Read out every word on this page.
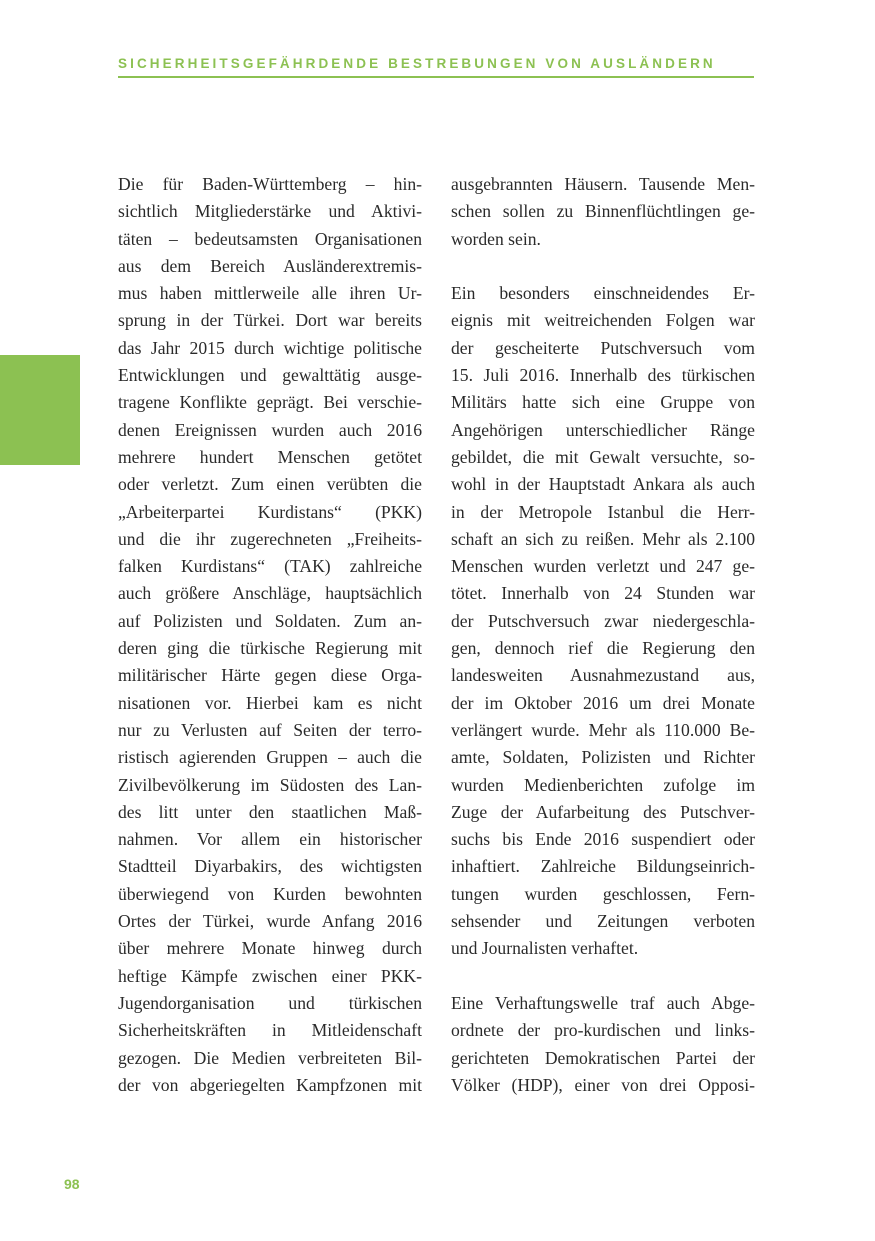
SICHERHEITSGEFÄHRDENDE BESTREBUNGEN VON AUSLÄNDERN
Die für Baden-Württemberg – hin-
sichtlich Mitgliederstärke und Aktivi-
täten – bedeutsamsten Organisationen
aus dem Bereich Ausländerextremis-
mus haben mittlerweile alle ihren Ur-
sprung in der Türkei. Dort war bereits
das Jahr 2015 durch wichtige politische
Entwicklungen und gewalttätig ausge-
tragene Konflikte geprägt. Bei verschie-
denen Ereignissen wurden auch 2016
mehrere hundert Menschen getötet
oder verletzt. Zum einen verübten die
„Arbeiterpartei Kurdistans“ (PKK)
und die ihr zugerechneten „Freiheits-
falken Kurdistans“ (TAK) zahlreiche
auch größere Anschläge, hauptsächlich
auf Polizisten und Soldaten. Zum an-
deren ging die türkische Regierung mit
militärischer Härte gegen diese Orga-
nisationen vor. Hierbei kam es nicht
nur zu Verlusten auf Seiten der terro-
ristisch agierenden Gruppen – auch die
Zivilbevölkerung im Südosten des Lan-
des litt unter den staatlichen Maß-
nahmen. Vor allem ein historischer
Stadtteil Diyarbakirs, des wichtigsten
überwiegend von Kurden bewohnten
Ortes der Türkei, wurde Anfang 2016
über mehrere Monate hinweg durch
heftige Kämpfe zwischen einer PKK-
Jugendorganisation und türkischen
Sicherheitskräften in Mitleidenschaft
gezogen. Die Medien verbreiteten Bil-
der von abgeriegelten Kampfzonen mit
ausgebrannten Häusern. Tausende Men-
schen sollen zu Binnenflüchtlingen ge-
worden sein.
Ein besonders einschneidendes Er-
eignis mit weitreichenden Folgen war
der gescheiterte Putschversuch vom
15. Juli 2016. Innerhalb des türkischen
Militärs hatte sich eine Gruppe von
Angehörigen unterschiedlicher Ränge
gebildet, die mit Gewalt versuchte, so-
wohl in der Hauptstadt Ankara als auch
in der Metropole Istanbul die Herr-
schaft an sich zu reißen. Mehr als 2.100
Menschen wurden verletzt und 247 ge-
tötet. Innerhalb von 24 Stunden war
der Putschversuch zwar niedergeschla-
gen, dennoch rief die Regierung den
landesweiten Ausnahmezustand aus,
der im Oktober 2016 um drei Monate
verlängert wurde. Mehr als 110.000 Be-
amte, Soldaten, Polizisten und Richter
wurden Medienberichten zufolge im
Zuge der Aufarbeitung des Putschver-
suchs bis Ende 2016 suspendiert oder
inhaftiert. Zahlreiche Bildungseinrich-
tungen wurden geschlossen, Fern-
sehsender und Zeitungen verboten
und Journalisten verhaftet.
Eine Verhaftungswelle traf auch Abge-
ordnete der pro-kurdischen und links-
gerichteten Demokratischen Partei der
Völker (HDP), einer von drei Opposi-
98
